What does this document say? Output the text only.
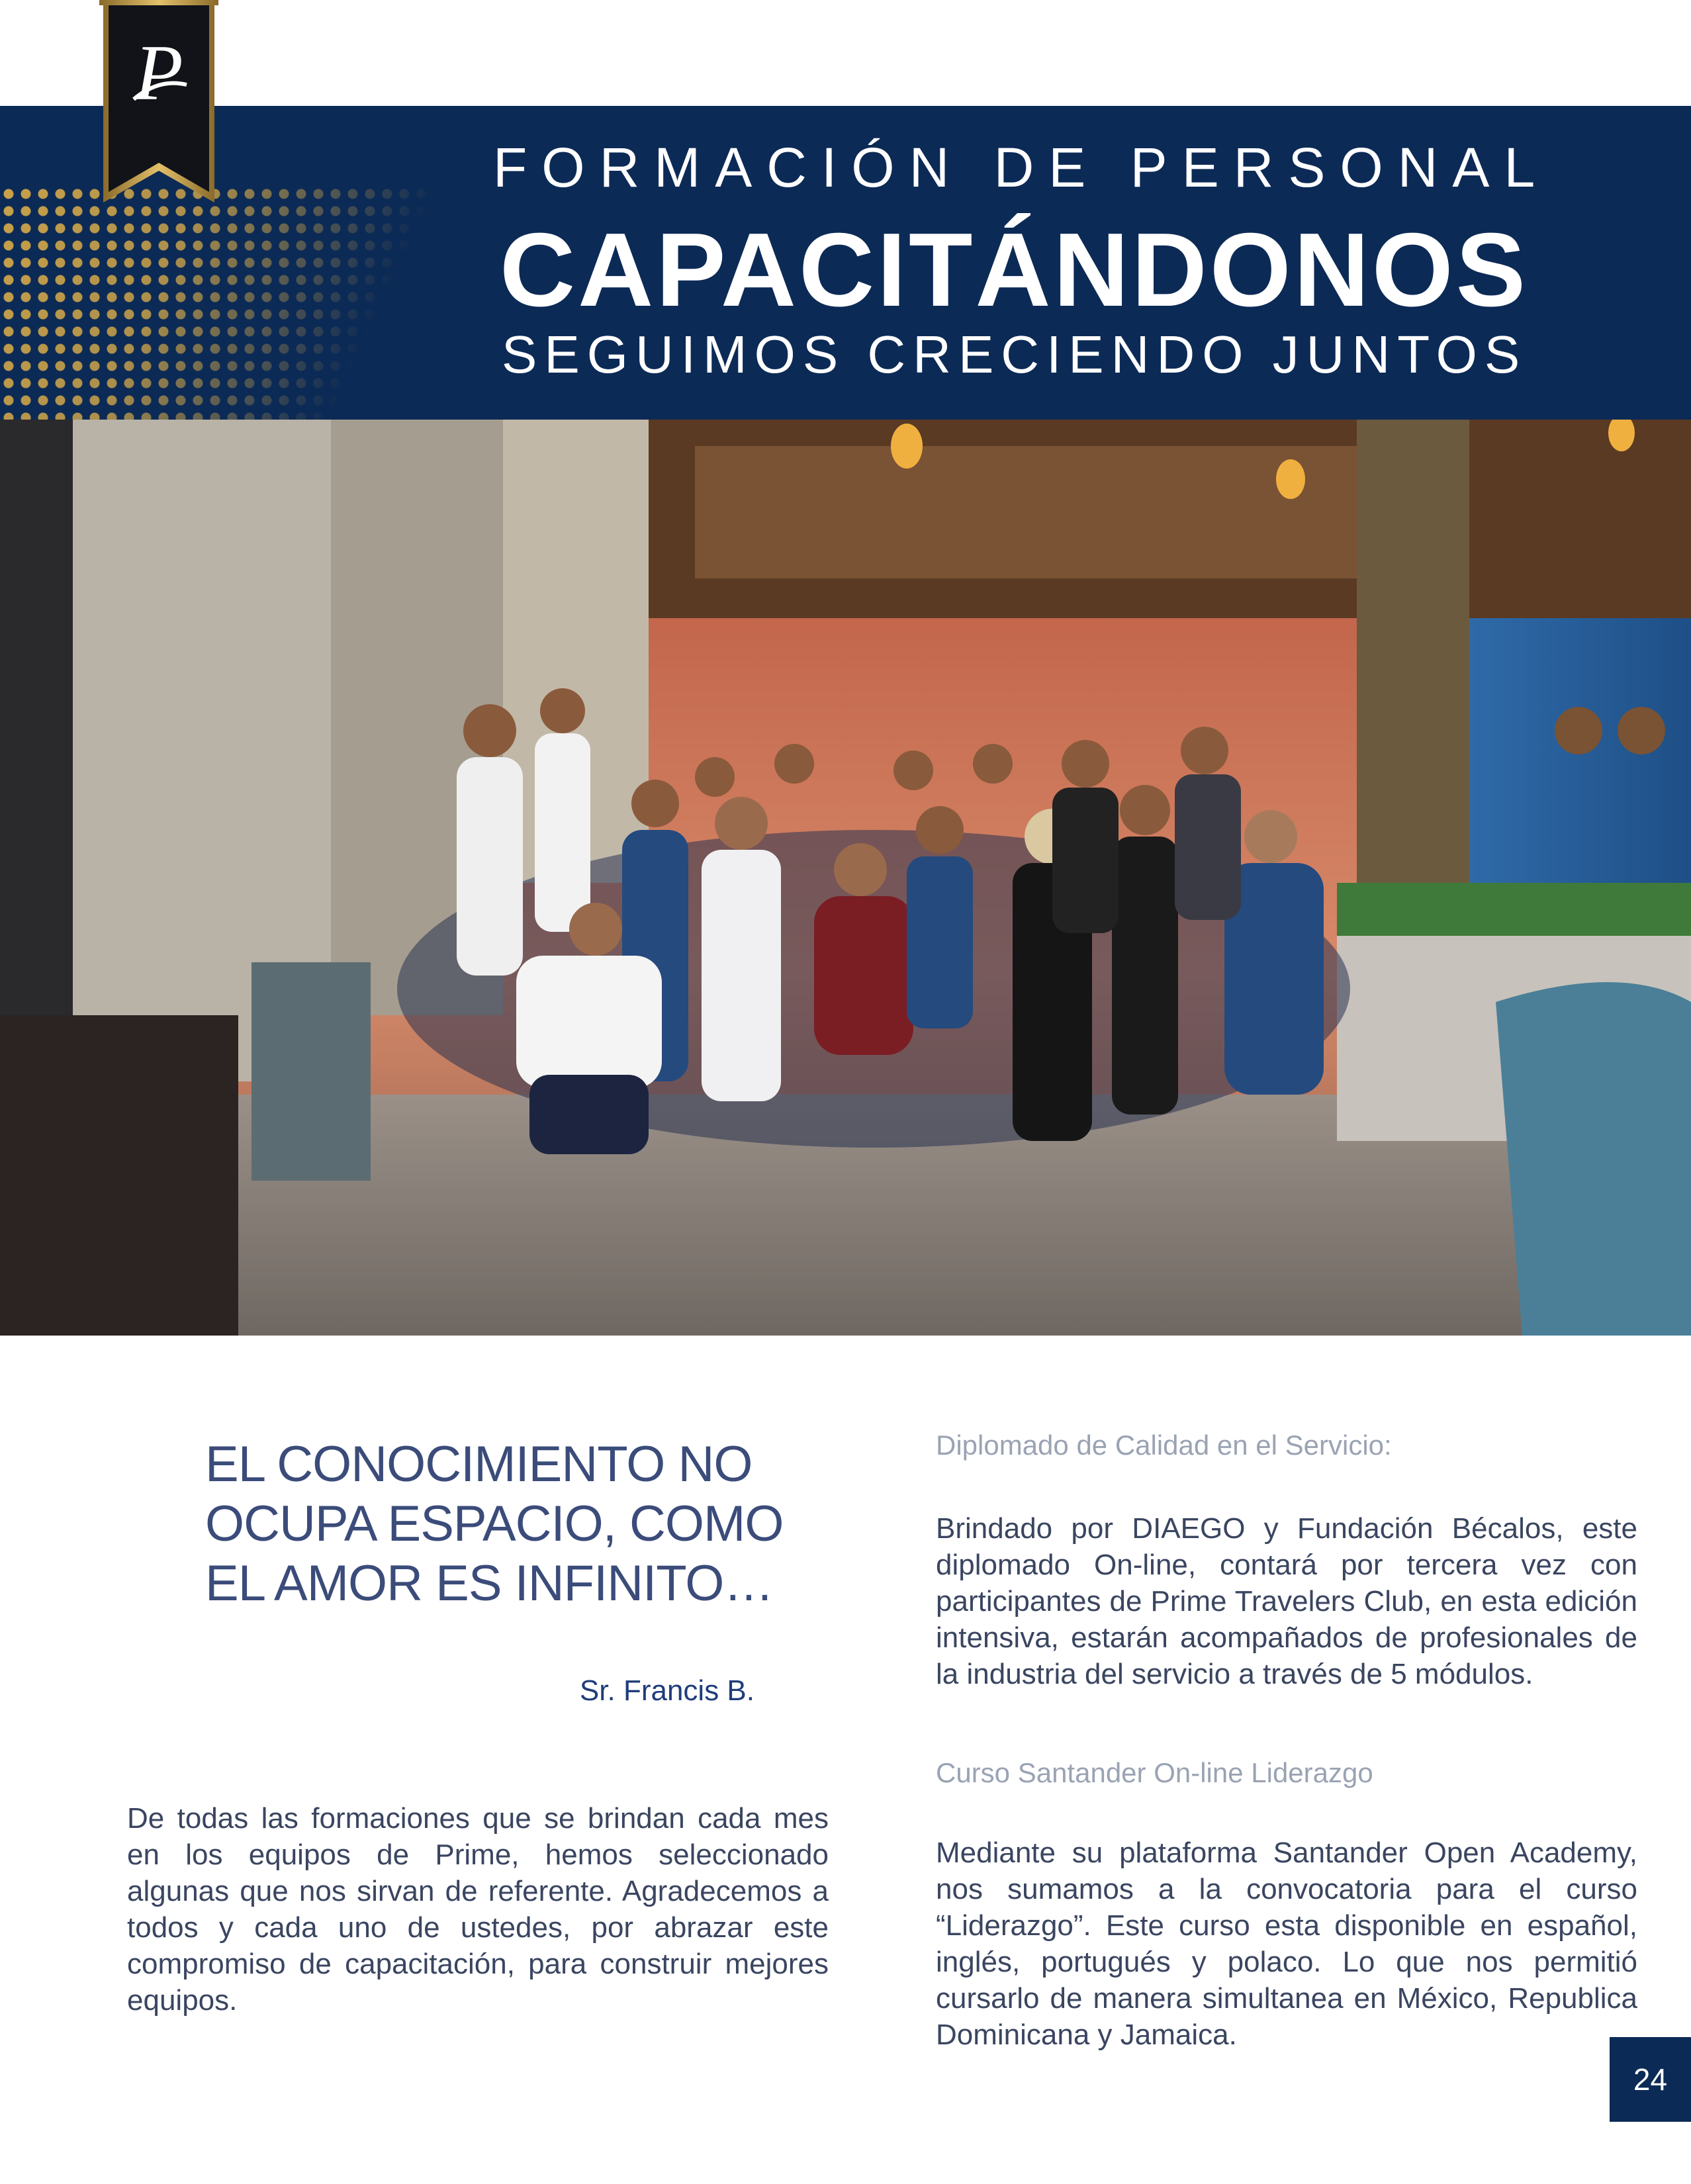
P
FORMACIÓN DE PERSONAL
CAPACITÁNDONOS
SEGUIMOS CRECIENDO JUNTOS
EL CONOCIMIENTO NO OCUPA ESPACIO, COMO EL AMOR ES INFINITO…
Sr. Francis B.
De todas las formaciones que se brindan cada mes en los equipos de Prime, hemos seleccionado algunas que nos sirvan de referente. Agradecemos a todos y cada uno de ustedes, por abrazar este compromiso de capacitación, para construir mejores equipos.
Diplomado de Calidad en el Servicio:
Brindado por DIAEGO y Fundación Bécalos, este diplomado On-line, contará por tercera vez con participantes de Prime Travelers Club, en esta edición intensiva, estarán acompañados de profesionales de la industria del servicio a través de 5 módulos.
Curso Santander On-line Liderazgo
Mediante su plataforma Santander Open Academy, nos sumamos a la convocatoria para el curso “Liderazgo”. Este curso esta disponible en español, inglés, portugués y polaco. Lo que nos permitió cursarlo de manera simultanea en México, Republica Dominicana y Jamaica.
24
